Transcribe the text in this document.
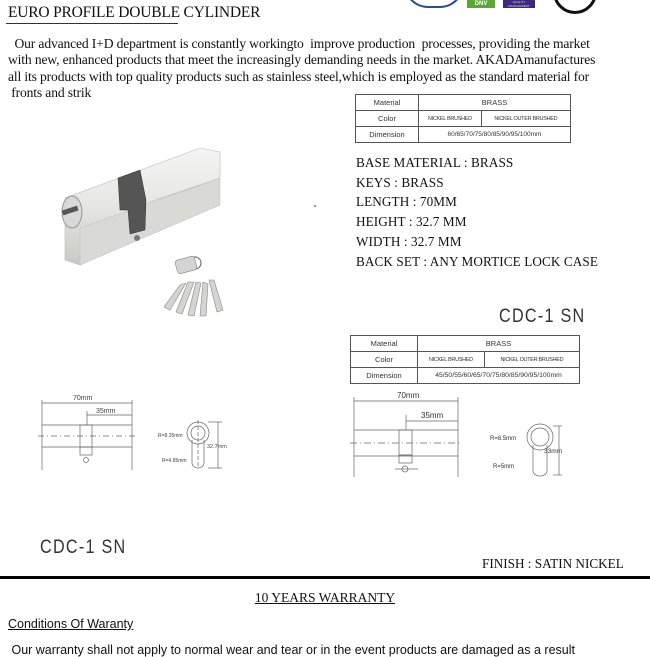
DNV	QUALITY MANAGEMENT
EURO PROFILE DOUBLE CYLINDER
Our advanced I+D department is constantly workingto  improve production  processes, providing the market
with new, enhanced products that meet the increasingly demanding needs in the market. AKADAmanufactures
all its products with top quality products such as stainless steel,which is employed as the standard material for
fronts and strik
Material	BRASS	
Color	NICKEL BRUSHED	NICKEL OUTER BRUSHED
Dimension	60/65/70/75/80/85/90/95/100mm	
BASE MATERIAL : BRASS
KEYS : BRASS
LENGTH : 70MM
HEIGHT : 32.7 MM
WIDTH : 32.7 MM
BACK SET : ANY MORTICE LOCK CASE
CDC-1 SN
Material	BRASS	
Color	NICKEL BRUSHED	NICKEL OUTER BRUSHED
Dimension	45/50/55/60/65/70/75/80/85/90/95/100mm	
70mm
35mm
R=8.35mm
R=4.85mm
32.7mm
70mm
35mm
R=8.5mm
R=5mm
33mm
CDC-1 SN
FINISH : SATIN NICKEL
10 YEARS WARRANTY
Conditions Of Waranty
Our warranty shall not apply to normal wear and tear or in the event products are damaged as a result
